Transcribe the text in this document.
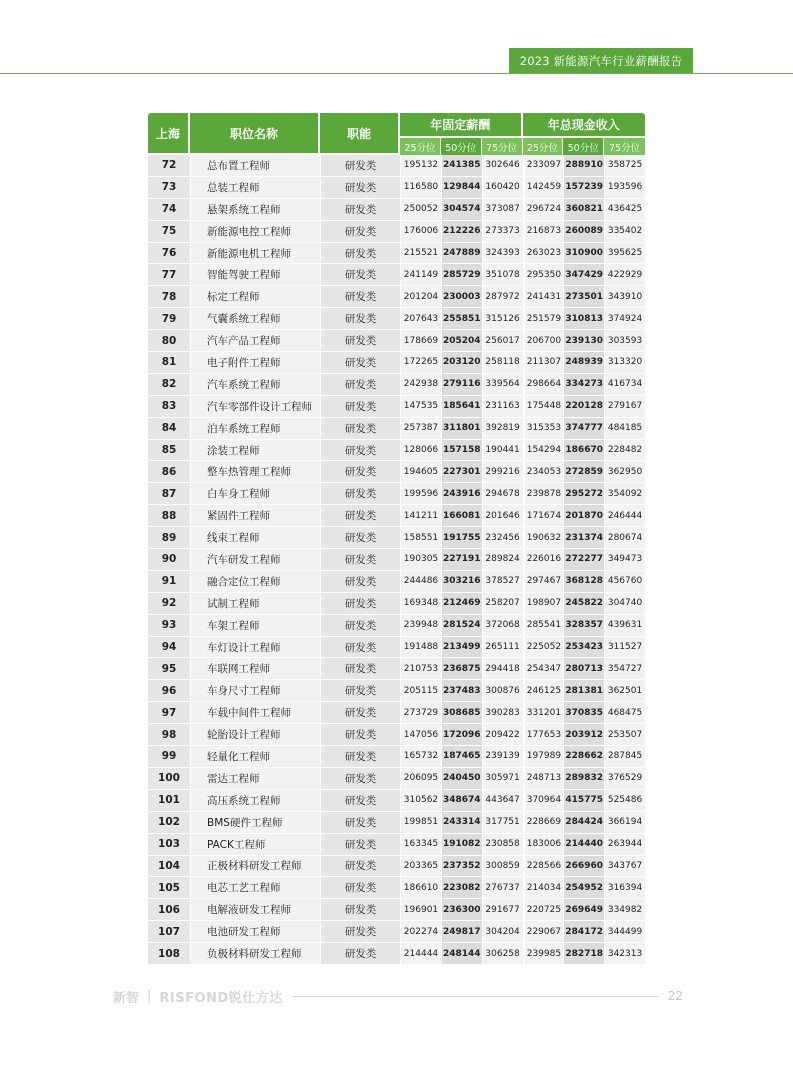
2023 新能源汽车行业薪酬报告
上海	职位名称	职能	年固定薪酬			年总现金收入		
			25分位	50分位	75分位	25分位	50分位	75分位
72	总布置工程师	研发类	195132	241385	302646	233097	288910	358725
73	总装工程师	研发类	116580	129844	160420	142459	157239	193596
74	悬架系统工程师	研发类	250052	304574	373087	296724	360821	436425
75	新能源电控工程师	研发类	176006	212226	273373	216873	260089	335402
76	新能源电机工程师	研发类	215521	247889	324393	263023	310900	395625
77	智能驾驶工程师	研发类	241149	285729	351078	295350	347429	422929
78	标定工程师	研发类	201204	230003	287972	241431	273501	343910
79	气囊系统工程师	研发类	207643	255851	315126	251579	310813	374924
80	汽车产品工程师	研发类	178669	205204	256017	206700	239130	303593
81	电子附件工程师	研发类	172265	203120	258118	211307	248939	313320
82	汽车系统工程师	研发类	242938	279116	339564	298664	334273	416734
83	汽车零部件设计工程师	研发类	147535	185641	231163	175448	220128	279167
84	泊车系统工程师	研发类	257387	311801	392819	315353	374777	484185
85	涂装工程师	研发类	128066	157158	190441	154294	186670	228482
86	整车热管理工程师	研发类	194605	227301	299216	234053	272859	362950
87	白车身工程师	研发类	199596	243916	294678	239878	295272	354092
88	紧固件工程师	研发类	141211	166081	201646	171674	201870	246444
89	线束工程师	研发类	158551	191755	232456	190632	231374	280674
90	汽车研发工程师	研发类	190305	227191	289824	226016	272277	349473
91	融合定位工程师	研发类	244486	303216	378527	297467	368128	456760
92	试制工程师	研发类	169348	212469	258207	198907	245822	304740
93	车架工程师	研发类	239948	281524	372068	285541	328357	439631
94	车灯设计工程师	研发类	191488	213499	265111	225052	253423	311527
95	车联网工程师	研发类	210753	236875	294418	254347	280713	354727
96	车身尺寸工程师	研发类	205115	237483	300876	246125	281381	362501
97	车载中间件工程师	研发类	273729	308685	390283	331201	370835	468475
98	轮胎设计工程师	研发类	147056	172096	209422	177653	203912	253507
99	轻量化工程师	研发类	165732	187465	239139	197989	228662	287845
100	雷达工程师	研发类	206095	240450	305971	248713	289832	376529
101	高压系统工程师	研发类	310562	348674	443647	370964	415775	525486
102	BMS硬件工程师	研发类	199851	243314	317751	228669	284424	366194
103	PACK工程师	研发类	163345	191082	230858	183006	214440	263944
104	正极材料研发工程师	研发类	203365	237352	300859	228566	266960	343767
105	电芯工艺工程师	研发类	186610	223082	276737	214034	254952	316394
106	电解液研发工程师	研发类	196901	236300	291677	220725	269649	334982
107	电池研发工程师	研发类	202274	249817	304204	229067	284172	344499
108	负极材料研发工程师	研发类	214444	248144	306258	239985	282718	342313
新智 | RISFOND锐仕方达	22
